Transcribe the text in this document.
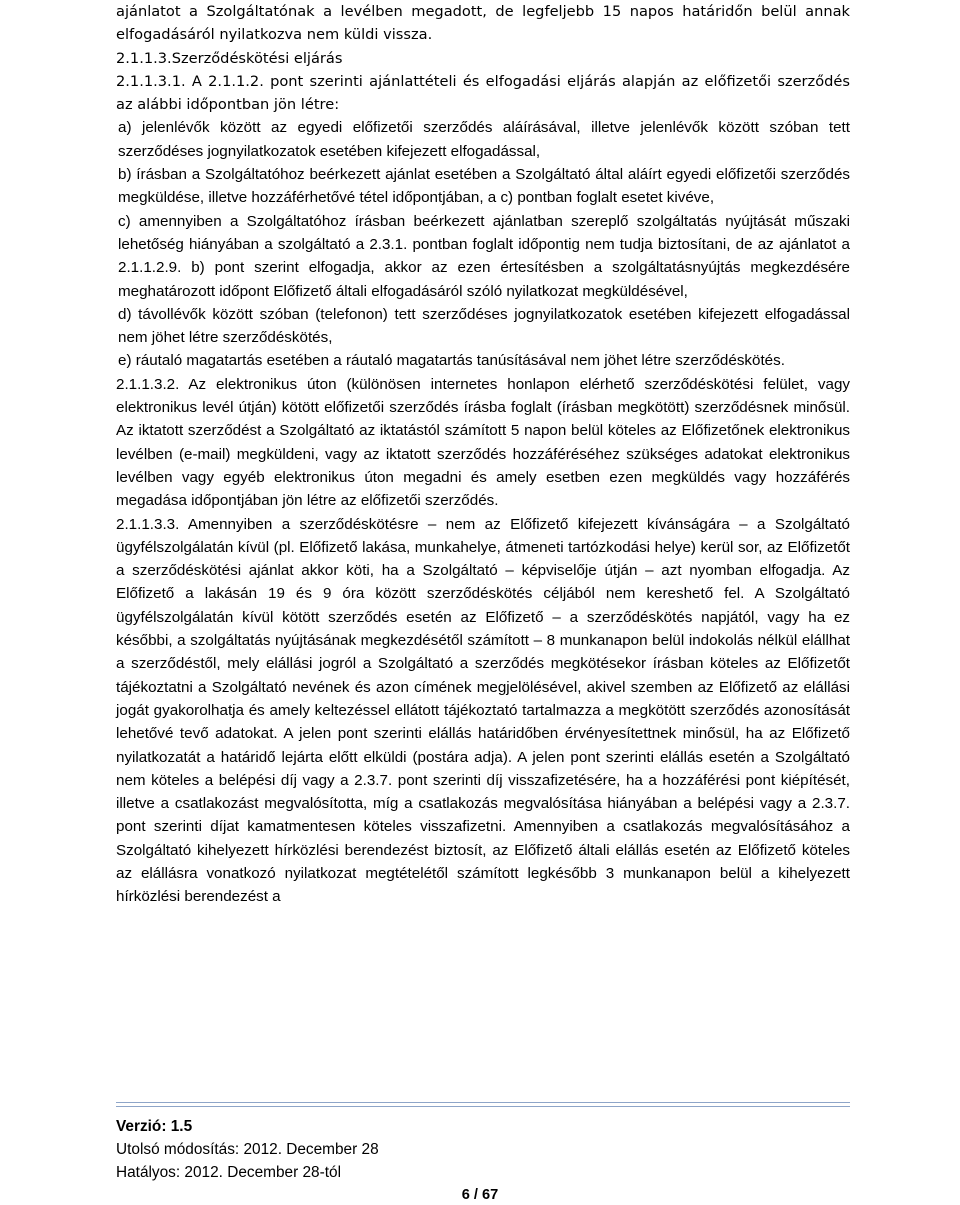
ajánlatot a Szolgáltatónak a levélben megadott, de legfeljebb 15 napos határidőn belül annak elfogadásáról nyilatkozva nem küldi vissza.

2.1.1.3.Szerződéskötési eljárás

2.1.1.3.1. A 2.1.1.2. pont szerinti ajánlattételi és elfogadási eljárás alapján az előfizetői szerződés az alábbi időpontban jön létre:

a) jelenlévők között az egyedi előfizetői szerződés aláírásával, illetve jelenlévők között szóban tett szerződéses jognyilatkozatok esetében kifejezett elfogadással,

b) írásban a Szolgáltatóhoz beérkezett ajánlat esetében a Szolgáltató által aláírt egyedi előfizetői szerződés megküldése, illetve hozzáférhetővé tétel időpontjában, a c) pontban foglalt esetet kivéve,

c) amennyiben a Szolgáltatóhoz írásban beérkezett ajánlatban szereplő szolgáltatás nyújtását műszaki lehetőség hiányában a szolgáltató a 2.3.1. pontban foglalt időpontig nem tudja biztosítani, de az ajánlatot a 2.1.1.2.9. b) pont szerint elfogadja, akkor az ezen értesítésben a szolgáltatásnyújtás megkezdésére meghatározott időpont Előfizető általi elfogadásáról szóló nyilatkozat megküldésével,

d) távollévők között szóban (telefonon) tett szerződéses jognyilatkozatok esetében kifejezett elfogadással nem jöhet létre szerződéskötés,

e) ráutaló magatartás esetében a ráutaló magatartás tanúsításával nem jöhet létre szerződéskötés.

2.1.1.3.2. Az elektronikus úton (különösen internetes honlapon elérhető szerződéskötési felület, vagy elektronikus levél útján) kötött előfizetői szerződés írásba foglalt (írásban megkötött) szerződésnek minősül. Az iktatott szerződést a Szolgáltató az iktatástól számított 5 napon belül köteles az Előfizetőnek elektronikus levélben (e-mail) megküldeni, vagy az iktatott szerződés hozzáféréséhez szükséges adatokat elektronikus levélben vagy egyéb elektronikus úton megadni és amely esetben ezen megküldés vagy hozzáférés megadása időpontjában jön létre az előfizetői szerződés.

2.1.1.3.3. Amennyiben a szerződéskötésre – nem az Előfizető kifejezett kívánságára – a Szolgáltató ügyfélszolgálatán kívül (pl. Előfizető lakása, munkahelye, átmeneti tartózkodási helye) kerül sor, az Előfizetőt a szerződéskötési ajánlat akkor köti, ha a Szolgáltató – képviselője útján – azt nyomban elfogadja. Az Előfizető a lakásán 19 és 9 óra között szerződéskötés céljából nem kereshető fel. A Szolgáltató ügyfélszolgálatán kívül kötött szerződés esetén az Előfizető – a szerződéskötés napjától, vagy ha ez későbbi, a szolgáltatás nyújtásának megkezdésétől számított – 8 munkanapon belül indokolás nélkül elállhat a szerződéstől, mely elállási jogról a Szolgáltató a szerződés megkötésekor írásban köteles az Előfizetőt tájékoztatni a Szolgáltató nevének és azon címének megjelölésével, akivel szemben az Előfizető az elállási jogát gyakorolhatja és amely keltezéssel ellátott tájékoztató tartalmazza a megkötött szerződés azonosítását lehetővé tevő adatokat. A jelen pont szerinti elállás határidőben érvényesítettnek minősül, ha az Előfizető nyilatkozatát a határidő lejárta előtt elküldi (postára adja). A jelen pont szerinti elállás esetén a Szolgáltató nem köteles a belépési díj vagy a 2.3.7. pont szerinti díj visszafizetésére, ha a hozzáférési pont kiépítését, illetve a csatlakozást megvalósította, míg a csatlakozás megvalósítása hiányában a belépési vagy a 2.3.7. pont szerinti díjat kamatmentesen köteles visszafizetni. Amennyiben a csatlakozás megvalósításához a Szolgáltató kihelyezett hírközlési berendezést biztosít, az Előfizető általi elállás esetén az Előfizető köteles az elállásra vonatkozó nyilatkozat megtételétől számított legkésőbb 3 munkanapon belül a kihelyezett hírközlési berendezést a

Verzió: 1.5
Utolsó módosítás: 2012. December 28
Hatályos: 2012. December 28-tól
6 / 67
